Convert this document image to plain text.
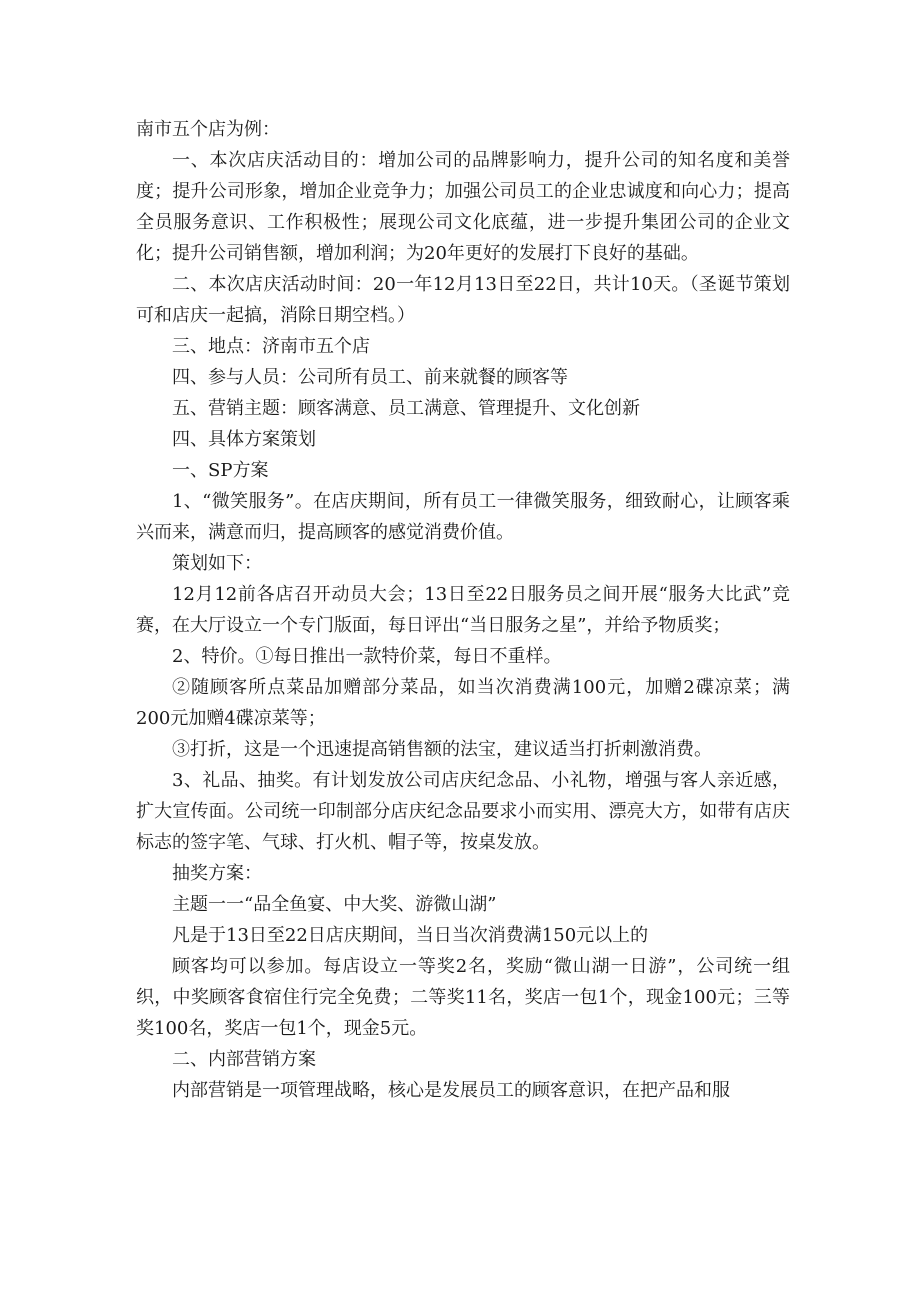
南市五个店为例：

一、本次店庆活动目的：增加公司的品牌影响力，提升公司的知名度和美誉度；提升公司形象，增加企业竞争力；加强公司员工的企业忠诚度和向心力；提高全员服务意识、工作积极性；展现公司文化底蕴，进一步提升集团公司的企业文化；提升公司销售额，增加利润；为20年更好的发展打下良好的基础。

二、本次店庆活动时间：20一年12月13日至22日，共计10天。（圣诞节策划可和店庆一起搞，消除日期空档。）

三、地点：济南市五个店

四、参与人员：公司所有员工、前来就餐的顾客等

五、营销主题：顾客满意、员工满意、管理提升、文化创新

四、具体方案策划

一、SP方案

1、“微笑服务”。在店庆期间，所有员工一律微笑服务，细致耐心，让顾客乘兴而来，满意而归，提高顾客的感觉消费价值。

策划如下：

12月12前各店召开动员大会；13日至22日服务员之间开展“服务大比武”竞赛，在大厅设立一个专门版面，每日评出“当日服务之星”，并给予物质奖；

2、特价。①每日推出一款特价菜，每日不重样。

②随顾客所点菜品加赠部分菜品，如当次消费满100元，加赠2碟凉菜；满200元加赠4碟凉菜等；

③打折，这是一个迅速提高销售额的法宝，建议适当打折刺激消费。

3、礼品、抽奖。有计划发放公司店庆纪念品、小礼物，增强与客人亲近感，扩大宣传面。公司统一印制部分店庆纪念品要求小而实用、漂亮大方，如带有店庆标志的签字笔、气球、打火机、帽子等，按桌发放。

抽奖方案：

主题一一“品全鱼宴、中大奖、游微山湖”

凡是于13日至22日店庆期间，当日当次消费满150元以上的

顾客均可以参加。每店设立一等奖2名，奖励“微山湖一日游”，公司统一组织，中奖顾客食宿住行完全免费；二等奖11名，奖店一包1个，现金100元；三等奖100名，奖店一包1个，现金5元。

二、内部营销方案

内部营销是一项管理战略，核心是发展员工的顾客意识，在把产品和服
